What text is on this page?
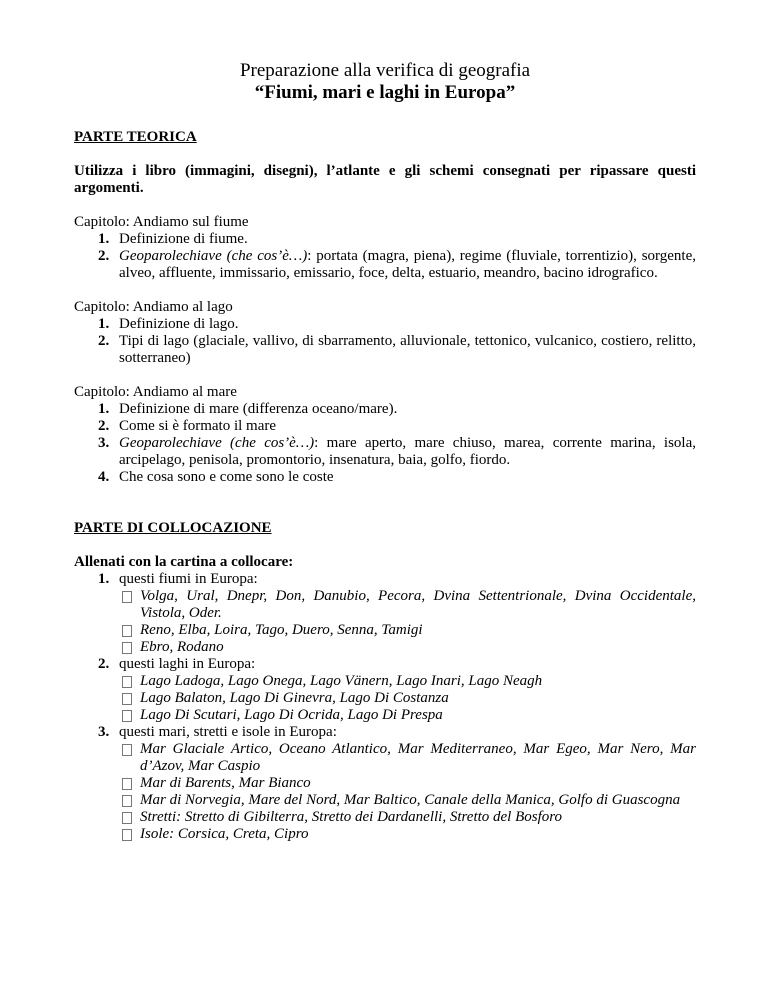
Preparazione alla verifica di geografia

“Fiumi, mari e laghi in Europa”

PARTE TEORICA

Utilizza i libro (immagini, disegni), l’atlante e gli schemi consegnati per ripassare questi argomenti.

Capitolo: Andiamo sul fiume

1. Definizione di fiume.
2. Geoparolechiave (che cos’è…): portata (magra, piena), regime (fluviale, torrentizio), sorgente, alveo, affluente, immissario, emissario, foce, delta, estuario, meandro, bacino idrografico.

Capitolo: Andiamo al lago

1. Definizione di lago.
2. Tipi di lago (glaciale, vallivo, di sbarramento, alluvionale, tettonico, vulcanico, costiero, relitto, sotterraneo)

Capitolo: Andiamo al mare

1. Definizione di mare (differenza oceano/mare).
2. Come si è formato il mare
3. Geoparolechiave (che cos’è…): mare aperto, mare chiuso, marea, corrente marina, isola, arcipelago, penisola, promontorio, insenatura, baia, golfo, fiordo.
4. Che cosa sono e come sono le coste

PARTE DI COLLOCAZIONE

Allenati con la cartina a collocare:

1. questi fiumi in Europa:
Volga, Ural, Dnepr, Don, Danubio, Pecora, Dvina Settentrionale, Dvina Occidentale, Vistola, Oder.
Reno, Elba, Loira, Tago, Duero, Senna, Tamigi
Ebro, Rodano
2. questi laghi in Europa:
Lago Ladoga, Lago Onega, Lago Vänern, Lago Inari, Lago Neagh
Lago Balaton, Lago Di Ginevra, Lago Di Costanza
Lago Di Scutari, Lago Di Ocrida, Lago Di Prespa
3. questi mari, stretti e isole in Europa:
Mar Glaciale Artico, Oceano Atlantico, Mar Mediterraneo, Mar Egeo, Mar Nero, Mar d’Azov, Mar Caspio
Mar di Barents, Mar Bianco
Mar di Norvegia, Mare del Nord, Mar Baltico, Canale della Manica, Golfo di Guascogna
Stretti: Stretto di Gibilterra, Stretto dei Dardanelli, Stretto del Bosforo
Isole: Corsica, Creta, Cipro
